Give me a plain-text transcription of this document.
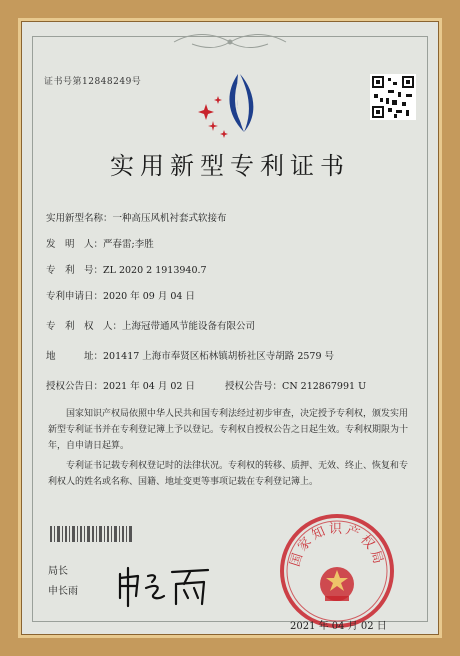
证书号第12848249号
实用新型专利证书
实用新型名称：一种高压风机衬套式软接布
发　明　人：严春雷;李胜
专　利　号：ZL 2020 2 1913940.7
专利申请日：2020 年 09 月 04 日
专　利　权　人：上海冠带通风节能设备有限公司
地　　　址：201417 上海市奉贤区柘林镇胡桥社区寺胡路 2579 号
授权公告日：2021 年 04 月 02 日	授权公告号：CN 212867991 U
国家知识产权局依照中华人民共和国专利法经过初步审查，决定授予专利权，颁发实用新型专利证书并在专利登记簿上予以登记。专利权自授权公告之日起生效。专利权期限为十年，自申请日起算。
专利证书记载专利权登记时的法律状况。专利权的转移、质押、无效、终止、恢复和专利权人的姓名或名称、国籍、地址变更等事项记载在专利登记簿上。
局长
申长雨
国家知识产权局
2021 年 04 月 02 日
